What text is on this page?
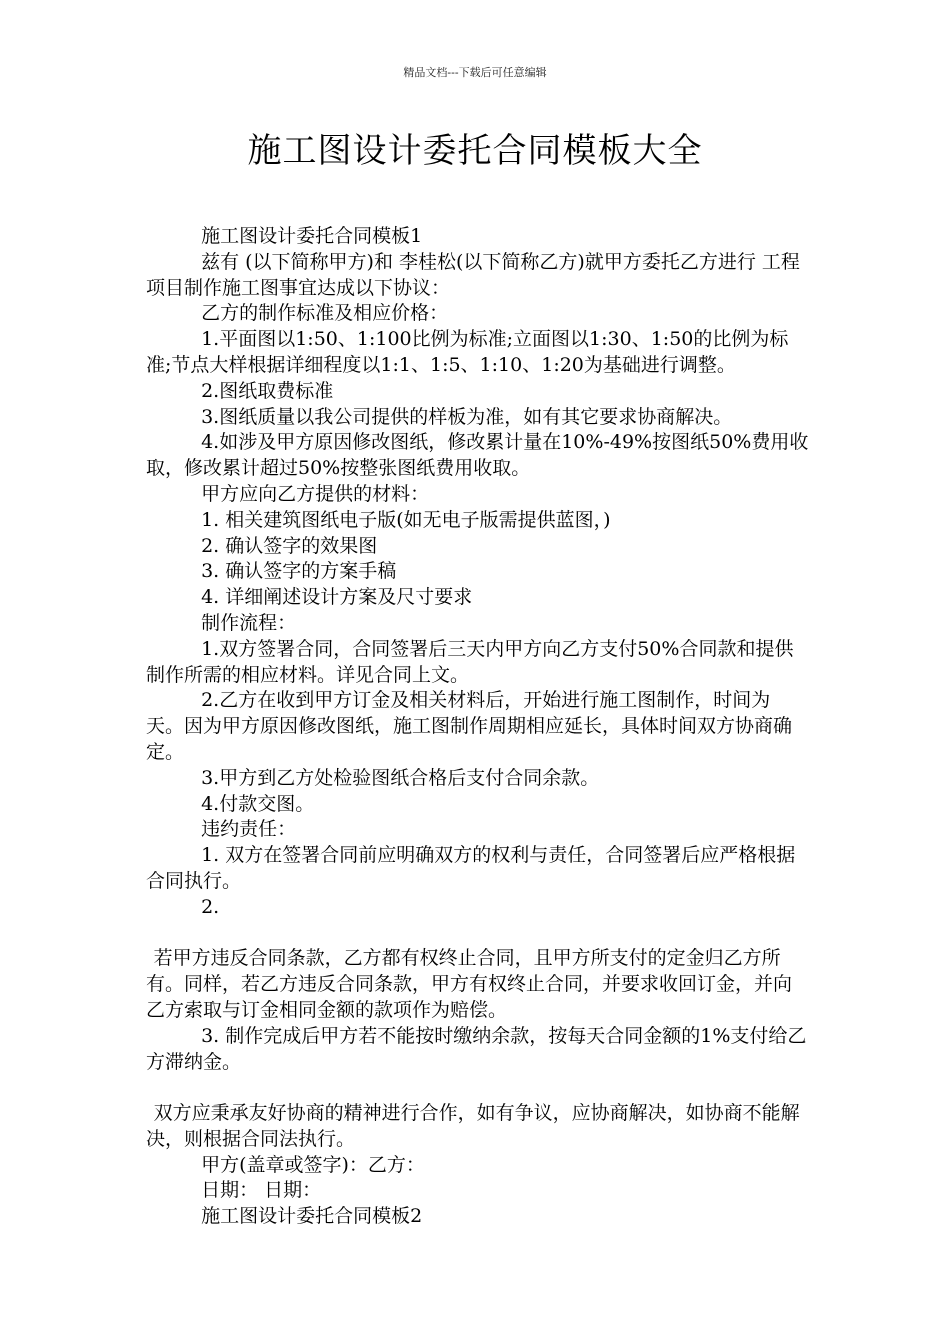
精品文档---下载后可任意编辑
施工图设计委托合同模板大全

施工图设计委托合同模板1

兹有 (以下简称甲方)和 李桂松(以下简称乙方)就甲方委托乙方进行 工程项目制作施工图事宜达成以下协议：

乙方的制作标准及相应价格：

1.平面图以1:50、1:100比例为标准;立面图以1:30、1:50的比例为标准;节点大样根据详细程度以1:1、1:5、1:10、1:20为基础进行调整。

2.图纸取费标准

3.图纸质量以我公司提供的样板为准，如有其它要求协商解决。

4.如涉及甲方原因修改图纸，修改累计量在10%-49%按图纸50%费用收取，修改累计超过50%按整张图纸费用收取。

甲方应向乙方提供的材料：

1. 相关建筑图纸电子版(如无电子版需提供蓝图，)

2. 确认签字的效果图

3. 确认签字的方案手稿

4. 详细阐述设计方案及尺寸要求

制作流程：

1.双方签署合同，合同签署后三天内甲方向乙方支付50%合同款和提供制作所需的相应材料。详见合同上文。

2.乙方在收到甲方订金及相关材料后，开始进行施工图制作，时间为 天。因为甲方原因修改图纸，施工图制作周期相应延长，具体时间双方协商确定。

3.甲方到乙方处检验图纸合格后支付合同余款。

4.付款交图。

违约责任：

1. 双方在签署合同前应明确双方的权利与责任，合同签署后应严格根据合同执行。

2.

若甲方违反合同条款，乙方都有权终止合同，且甲方所支付的定金归乙方所有。同样，若乙方违反合同条款，甲方有权终止合同，并要求收回订金，并向乙方索取与订金相同金额的款项作为赔偿。

3. 制作完成后甲方若不能按时缴纳余款，按每天合同金额的1%支付给乙方滞纳金。

双方应秉承友好协商的精神进行合作，如有争议，应协商解决，如协商不能解决，则根据合同法执行。

甲方(盖章或签字)：乙方：

日期： 日期：

施工图设计委托合同模板2
